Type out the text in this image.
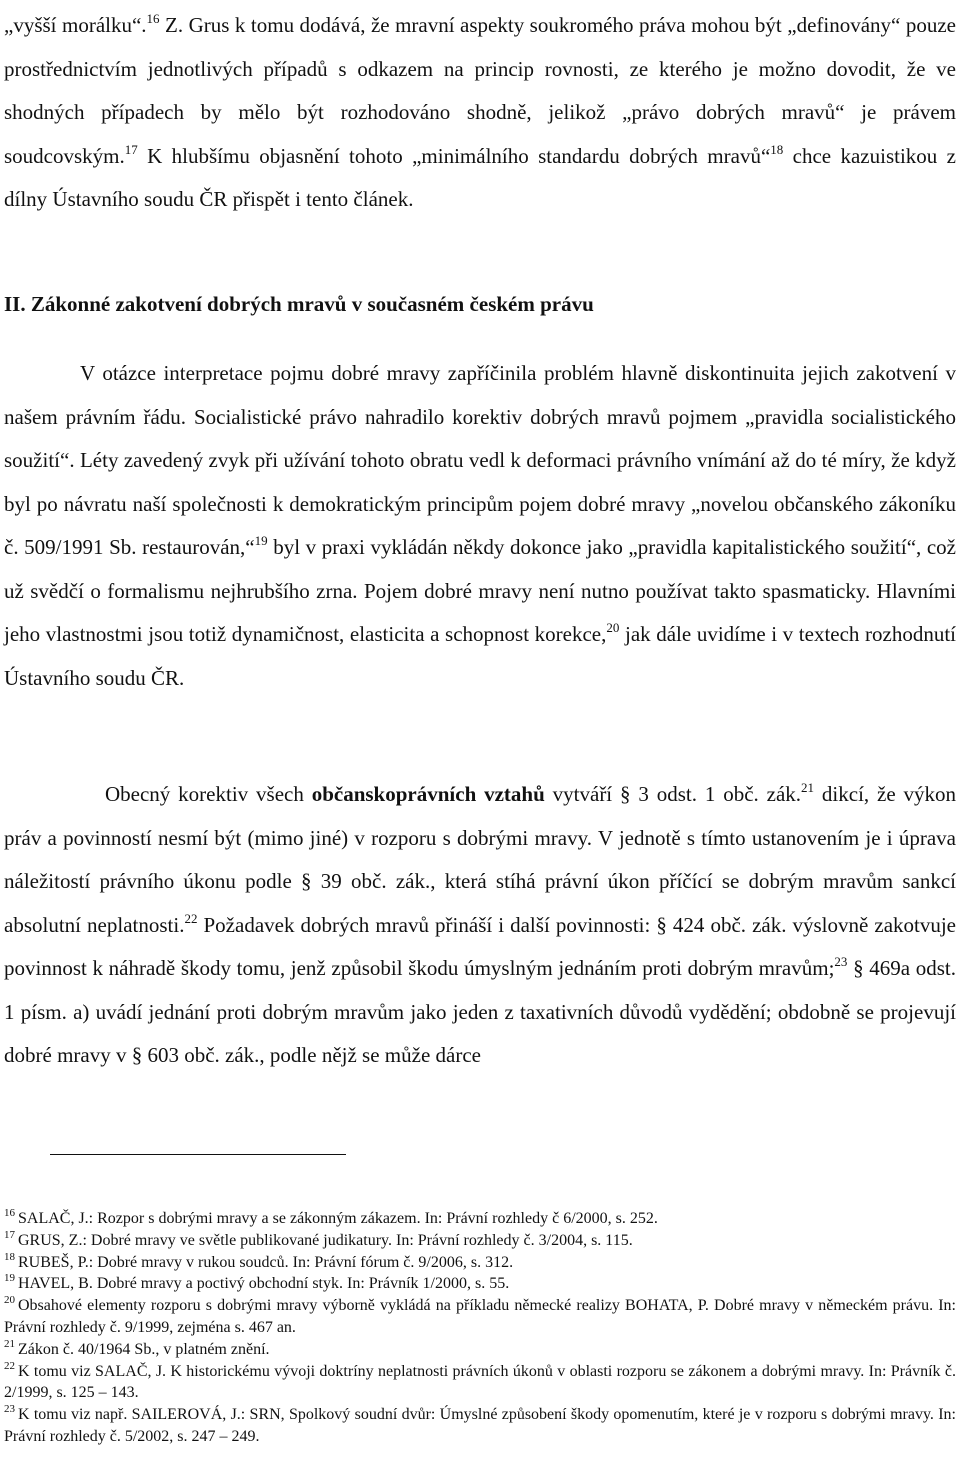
„vyšší morálku“.$^{16}$ Z. Grus k tomu dodává, že mravní aspekty soukromého práva mohou být „definovány“ pouze prostřednictvím jednotlivých případů s odkazem na princip rovnosti, ze kterého je možno dovodit, že ve shodných případech by mělo být rozhodováno shodně, jelikož „právo dobrých mravů“ je právem soudcovským.$^{17}$ K hlubšímu objasnění tohoto „minimálního standardu dobrých mravů“$^{18}$ chce kazuistikou z dílny Ústavního soudu ČR přispět i tento článek.

II. Zákonné zakotvení dobrých mravů v současném českém právu

V otázce interpretace pojmu dobré mravy zapříčinila problém hlavně diskontinuita jejich zakotvení v našem právním řádu. Socialistické právo nahradilo korektiv dobrých mravů pojmem „pravidla socialistického soužití“. Léty zavedený zvyk při užívání tohoto obratu vedl k deformaci právního vnímání až do té míry, že když byl po návratu naší společnosti k demokratickým principům pojem dobré mravy „novelou občanského zákoníku č. 509/1991 Sb. restaurován,“$^{19}$ byl v praxi vykládán někdy dokonce jako „pravidla kapitalistického soužití“, což už svědčí o formalismu nejhrubšího zrna. Pojem dobré mravy není nutno používat takto spasmaticky. Hlavními jeho vlastnostmi jsou totiž dynamičnost, elasticita a schopnost korekce,$^{20}$ jak dále uvidíme i v textech rozhodnutí Ústavního soudu ČR.

Obecný korektiv všech občanskoprávních vztahů vytváří § 3 odst. 1 obč. zák.$^{21}$ dikcí, že výkon práv a povinností nesmí být (mimo jiné) v rozporu s dobrými mravy. V jednotě s tímto ustanovením je i úprava náležitostí právního úkonu podle § 39 obč. zák., která stíhá právní úkon příčící se dobrým mravům sankcí absolutní neplatnosti.$^{22}$ Požadavek dobrých mravů přináší i další povinnosti: § 424 obč. zák. výslovně zakotvuje povinnost k náhradě škody tomu, jenž způsobil škodu úmyslným jednáním proti dobrým mravům;$^{23}$ § 469a odst. 1 písm. a) uvádí jednání proti dobrým mravům jako jeden z taxativních důvodů vydědění; obdobně se projevují dobré mravy v § 603 obč. zák., podle nějž se může dárce

$^{16}$ SALAČ, J.: Rozpor s dobrými mravy a se zákonným zákazem. In: Právní rozhledy č 6/2000, s. 252.

$^{17}$ GRUS, Z.: Dobré mravy ve světle publikované judikatury. In: Právní rozhledy č. 3/2004, s. 115.

$^{18}$ RUBEŠ, P.: Dobré mravy v rukou soudců. In: Právní fórum č. 9/2006, s. 312.

$^{19}$ HAVEL, B. Dobré mravy a poctivý obchodní styk. In: Právník 1/2000, s. 55.

$^{20}$ Obsahové elementy rozporu s dobrými mravy výborně vykládá na příkladu německé realizy BOHATA, P. Dobré mravy v německém právu. In: Právní rozhledy č. 9/1999, zejména s. 467 an.

$^{21}$ Zákon č. 40/1964 Sb., v platném znění.

$^{22}$ K tomu viz SALAČ, J. K historickému vývoji doktríny neplatnosti právních úkonů v oblasti rozporu se zákonem a dobrými mravy. In: Právník č. 2/1999, s. 125 – 143.

$^{23}$ K tomu viz např. SAILEROVÁ, J.: SRN, Spolkový soudní dvůr: Úmyslné způsobení škody opomenutím, které je v rozporu s dobrými mravy. In: Právní rozhledy č. 5/2002, s. 247 – 249.
